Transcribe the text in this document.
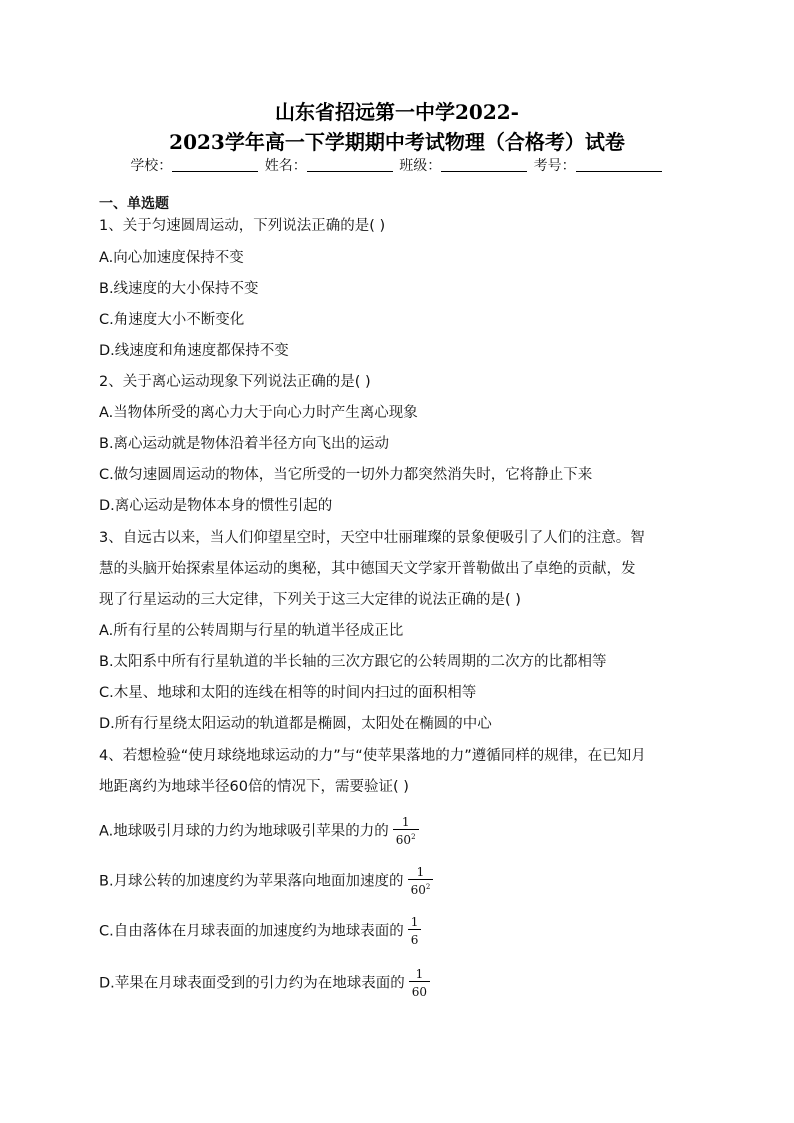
山东省招远第一中学2022-
2023学年高一下学期期中考试物理（合格考）试卷
学校：	姓名：	班级：	考号：
一、单选题
1、关于匀速圆周运动，下列说法正确的是( )
A.向心加速度保持不变
B.线速度的大小保持不变
C.角速度大小不断变化
D.线速度和角速度都保持不变
2、关于离心运动现象下列说法正确的是( )
A.当物体所受的离心力大于向心力时产生离心现象
B.离心运动就是物体沿着半径方向飞出的运动
C.做匀速圆周运动的物体，当它所受的一切外力都突然消失时，它将静止下来
D.离心运动是物体本身的惯性引起的
3、自远古以来，当人们仰望星空时，天空中壮丽璀璨的景象便吸引了人们的注意。智
慧的头脑开始探索星体运动的奥秘，其中德国天文学家开普勒做出了卓绝的贡献，发
现了行星运动的三大定律，下列关于这三大定律的说法正确的是( )
A.所有行星的公转周期与行星的轨道半径成正比
B.太阳系中所有行星轨道的半长轴的三次方跟它的公转周期的二次方的比都相等
C.木星、地球和太阳的连线在相等的时间内扫过的面积相等
D.所有行星绕太阳运动的轨道都是椭圆，太阳处在椭圆的中心
4、若想检验“使月球绕地球运动的力”与“使苹果落地的力”遵循同样的规律，在已知月
地距离约为地球半径60倍的情况下，需要验证( )
A.地球吸引月球的力约为地球吸引苹果的力的 $\frac{1}{60^2}$
B.月球公转的加速度约为苹果落向地面加速度的 $\frac{1}{60^2}$
C.自由落体在月球表面的加速度约为地球表面的 $\frac{1}{6}$
D.苹果在月球表面受到的引力约为在地球表面的 $\frac{1}{60}$
